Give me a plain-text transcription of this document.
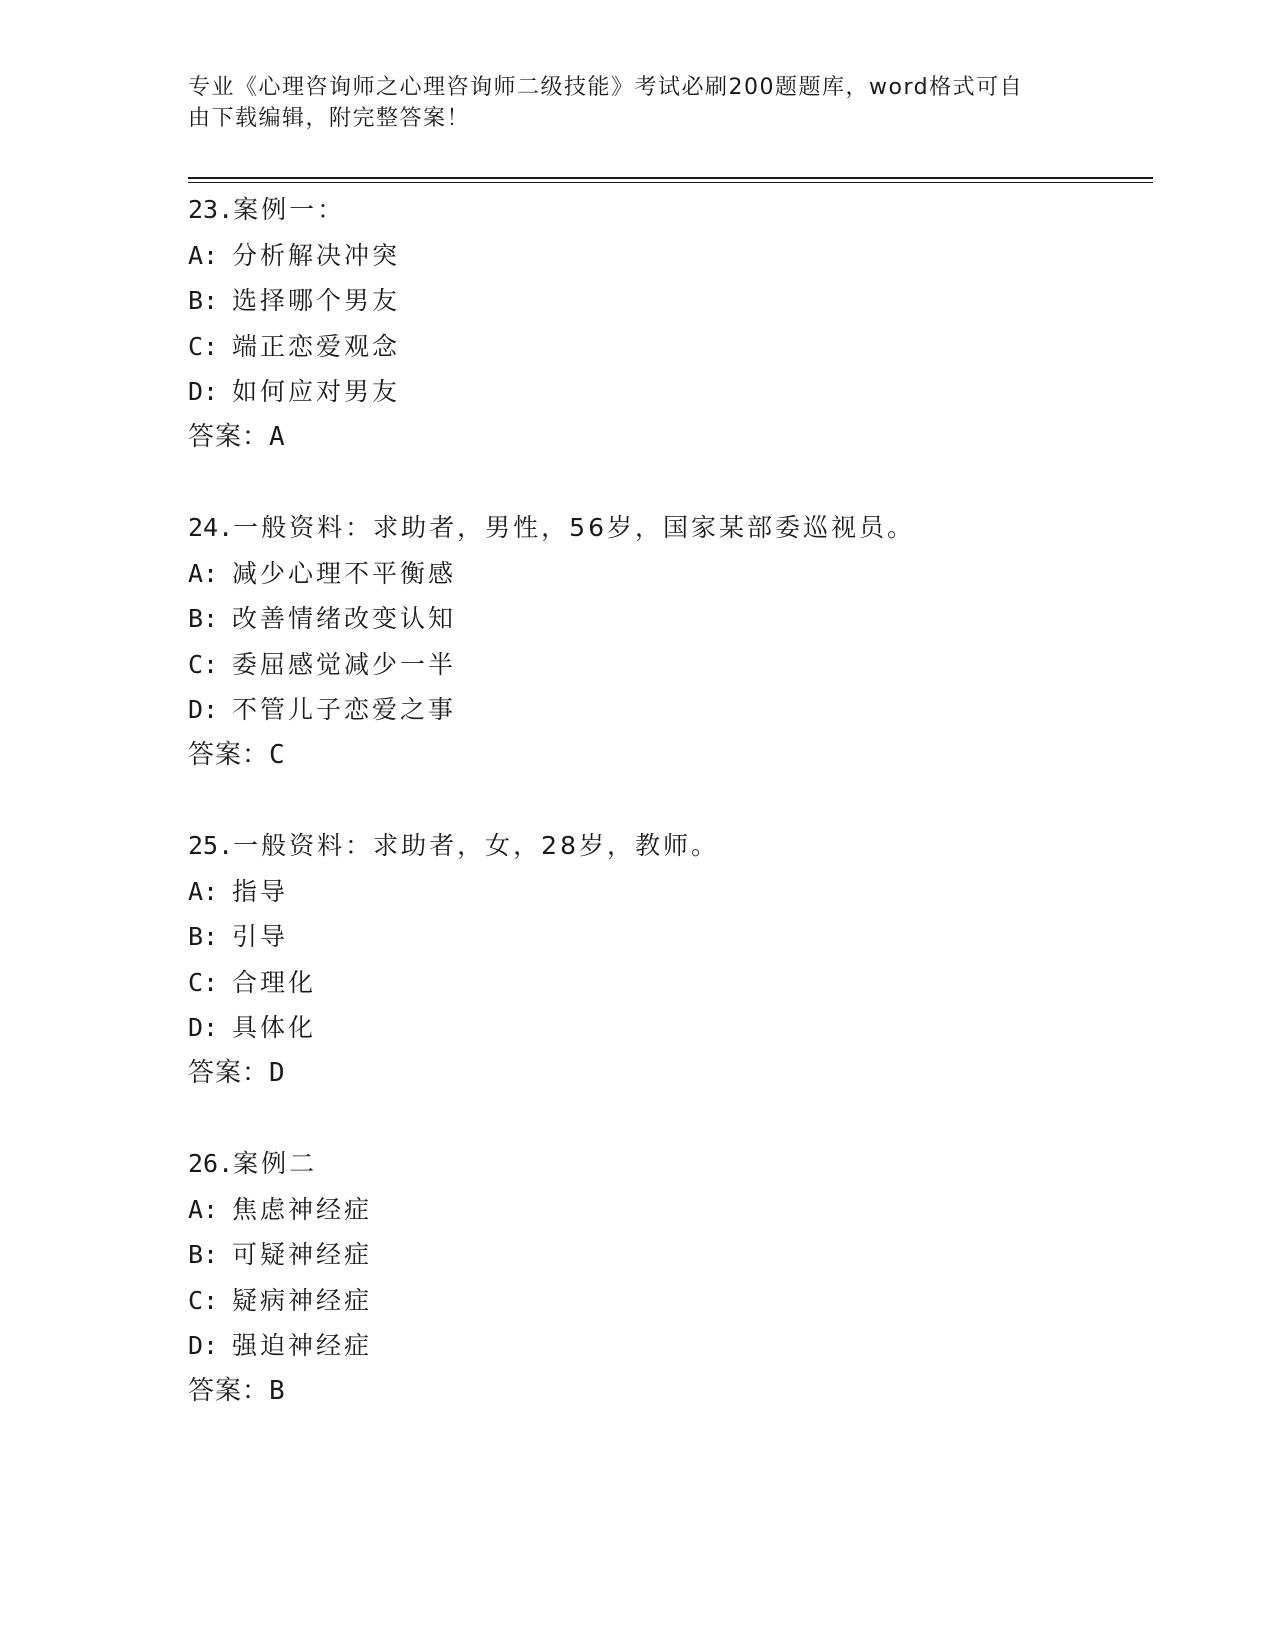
专业《心理咨询师之心理咨询师二级技能》考试必刷200题题库，word格式可自
由下载编辑，附完整答案！
23.案例一：
A: 分析解决冲突
B: 选择哪个男友
C: 端正恋爱观念
D: 如何应对男友
答案：A
24.一般资料：求助者，男性，56岁，国家某部委巡视员。
A: 减少心理不平衡感
B: 改善情绪改变认知
C: 委屈感觉减少一半
D: 不管儿子恋爱之事
答案：C
25.一般资料：求助者，女，28岁，教师。
A: 指导
B: 引导
C: 合理化
D: 具体化
答案：D
26.案例二
A: 焦虑神经症
B: 可疑神经症
C: 疑病神经症
D: 强迫神经症
答案：B
